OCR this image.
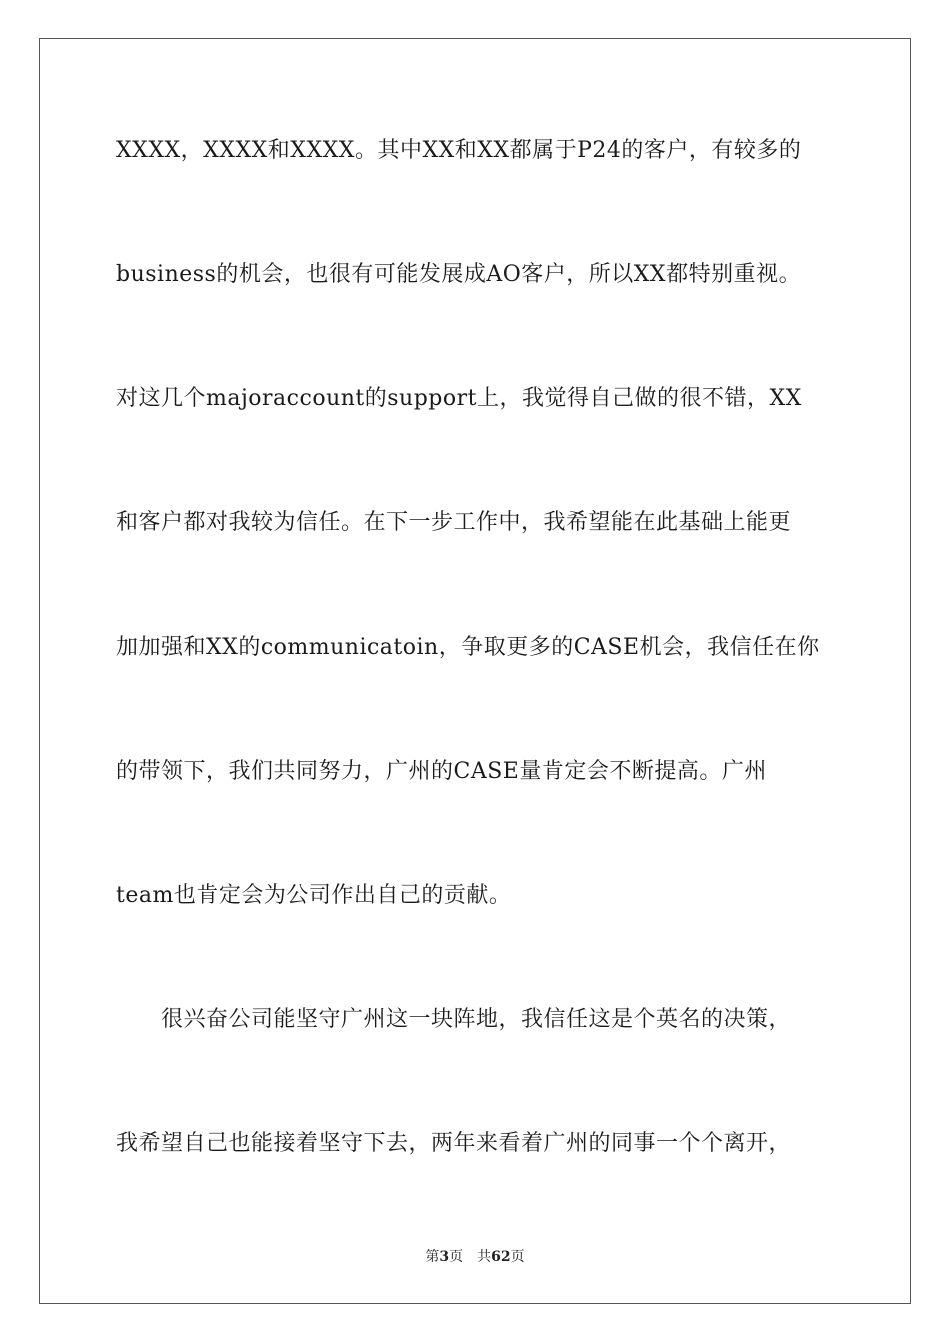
XXXX，XXXX和XXXX。其中XX和XX都属于P24的客户，有较多的
business的机会，也很有可能发展成AO客户，所以XX都特别重视。
对这几个majoraccount的support上，我觉得自己做的很不错，XX
和客户都对我较为信任。在下一步工作中，我希望能在此基础上能更
加加强和XX的communicatoin，争取更多的CASE机会，我信任在你
的带领下，我们共同努力，广州的CASE量肯定会不断提高。广州
team也肯定会为公司作出自己的贡献。
　　很兴奋公司能坚守广州这一块阵地，我信任这是个英名的决策，
我希望自己也能接着坚守下去，两年来看着广州的同事一个个离开，
第3页 共62页
